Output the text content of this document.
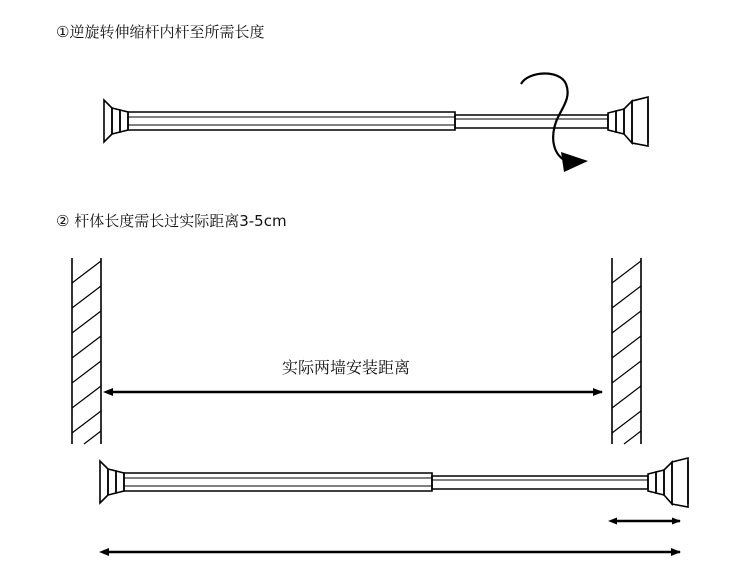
①逆旋转伸缩杆内杆至所需长度
② 杆体长度需长过实际距离3-5cm
实际两墙安装距离
